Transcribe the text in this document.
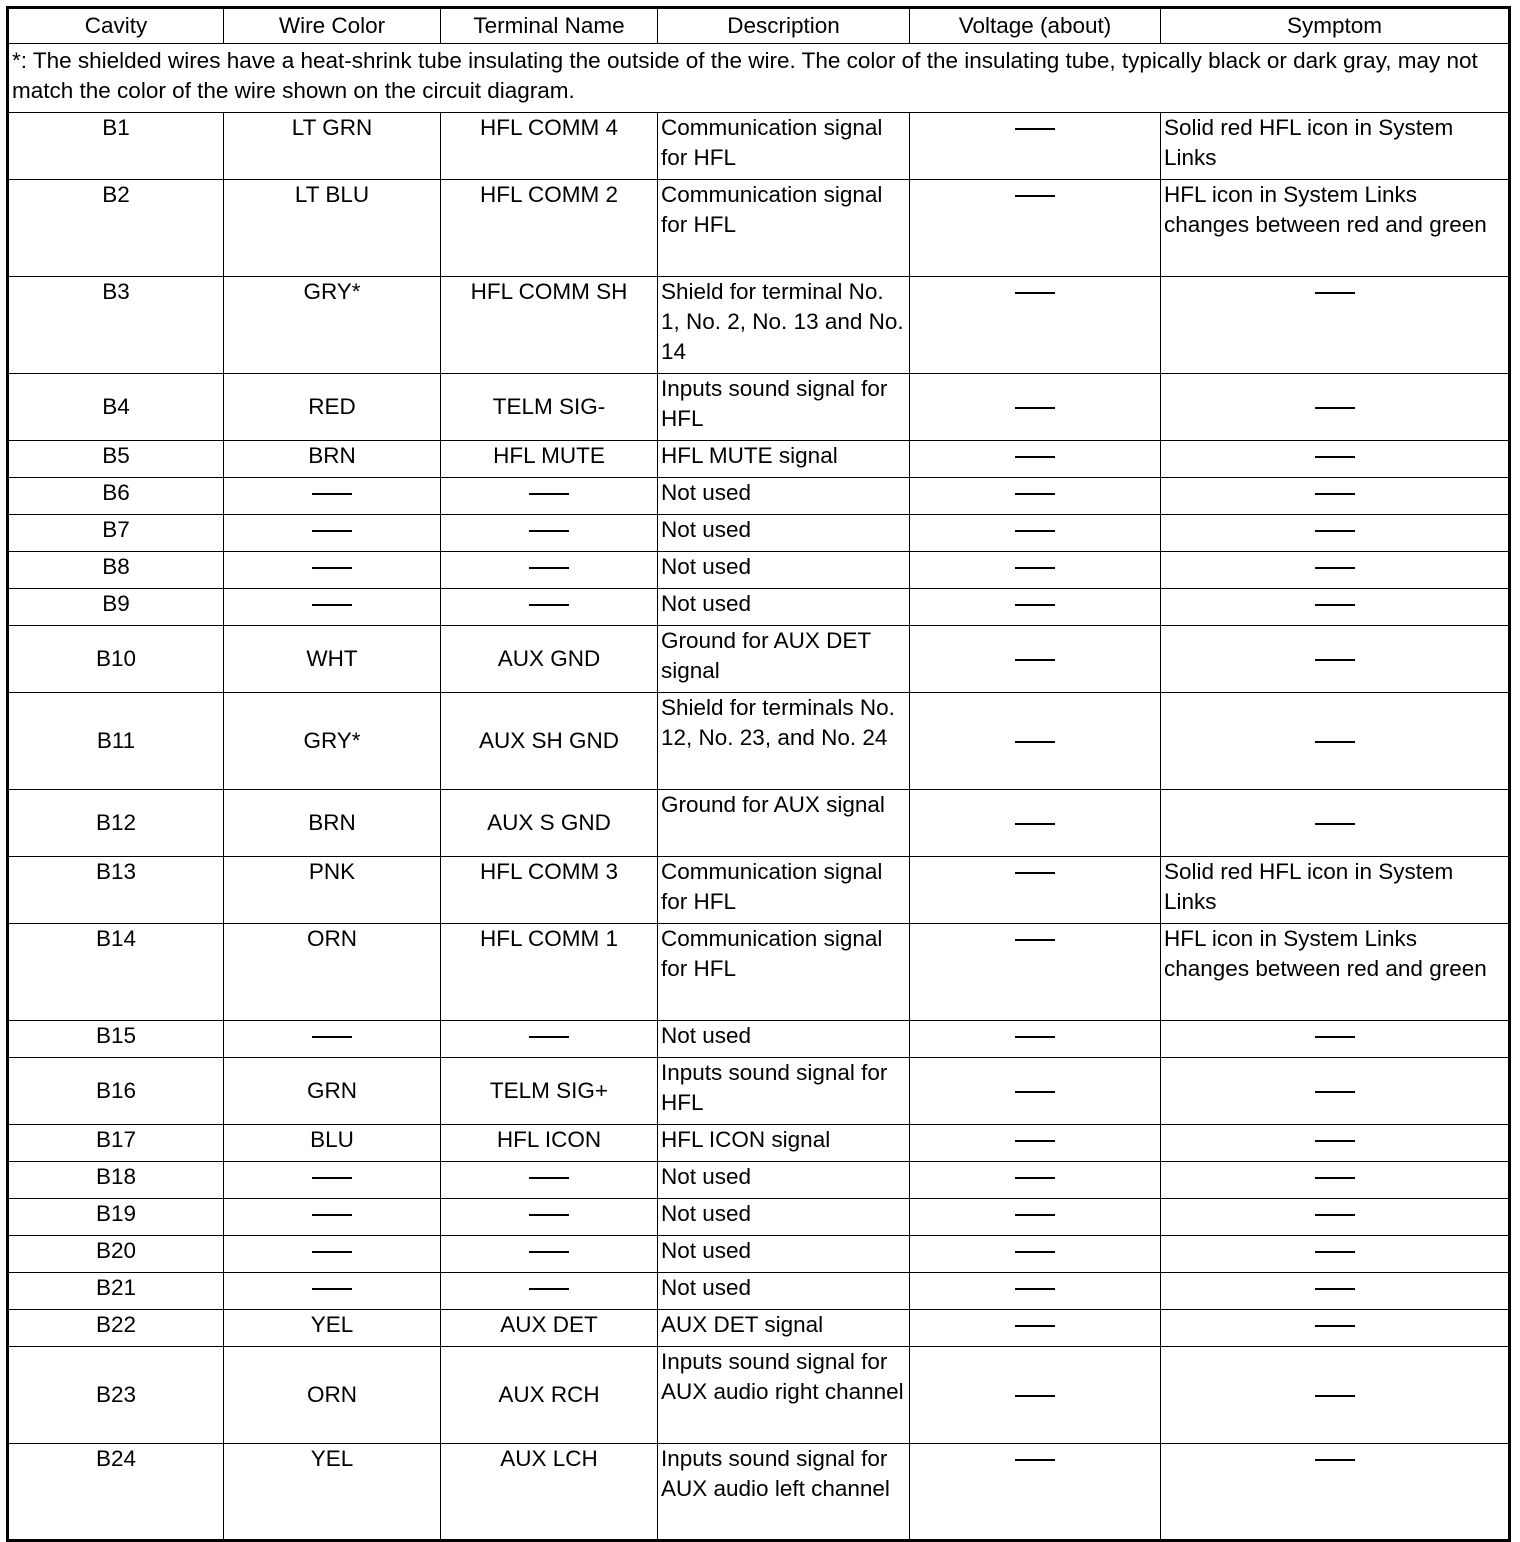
Cavity	Wire Color	Terminal Name	Description	Voltage (about)	Symptom
*: The shielded wires have a heat-shrink tube insulating the outside of the wire. The color of the insulating tube, typically black or dark gray, may not match the color of the wire shown on the circuit diagram.					
B1	LT GRN	HFL COMM 4	Communication signal for HFL		Solid red HFL icon in System Links
B2	LT BLU	HFL COMM 2	Communication signal for HFL		HFL icon in System Links changes between red and green
B3	GRY*	HFL COMM SH	Shield for terminal No. 1, No. 2, No. 13 and No. 14		
B4	RED	TELM SIG-	Inputs sound signal for HFL		
B5	BRN	HFL MUTE	HFL MUTE signal		
B6			Not used		
B7			Not used		
B8			Not used		
B9			Not used		
B10	WHT	AUX GND	Ground for AUX DET signal		
B11	GRY*	AUX SH GND	Shield for terminals No. 12, No. 23, and No. 24		
B12	BRN	AUX S GND	Ground for AUX signal		
B13	PNK	HFL COMM 3	Communication signal for HFL		Solid red HFL icon in System Links
B14	ORN	HFL COMM 1	Communication signal for HFL		HFL icon in System Links changes between red and green
B15			Not used		
B16	GRN	TELM SIG+	Inputs sound signal for HFL		
B17	BLU	HFL ICON	HFL ICON signal		
B18			Not used		
B19			Not used		
B20			Not used		
B21			Not used		
B22	YEL	AUX DET	AUX DET signal		
B23	ORN	AUX RCH	Inputs sound signal for AUX audio right channel		
B24	YEL	AUX LCH	Inputs sound signal for AUX audio left channel		
